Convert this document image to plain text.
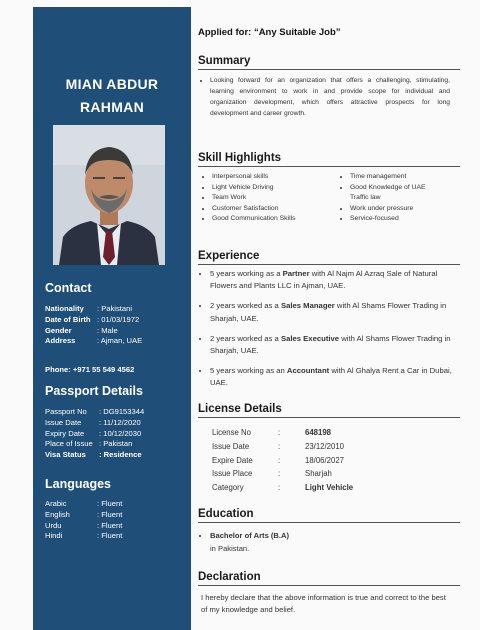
MIAN ABDUR
RAHMAN
Contact
Nationality	: Pakistani
Date of Birth : 01/03/1972
Gender	: Male
Address	: Ajman, UAE
Phone: +971 55 549 4562
Passport Details
Passport No	: DG9153344
Issue Date	: 11/12/2020
Expiry Date	: 10/12/2030
Place of Issue : Pakistan
Visa Status	: Residence
Languages
Arabic	: Fluent
English	: Fluent
Urdu	: Fluent
Hindi	: Fluent
Applied for: “Any Suitable Job”
Summary
• Looking forward for an organization that offers a challenging, stimulating, learning environment to work in and provide scope for individual and organization development, which offers attractive prospects for long development and career growth.
Skill Highlights
• Interpersonal skills
• Light Vehicle Driving
• Team Work
• Customer Satisfaction
• Good Communication Skills
• Time management
• Good Knowledge of UAE
Traffic law
• Work under pressure
• Service-focused
Experience
• 5 years working as a Partner with Al Najm Al Azraq Sale of Natural Flowers and Plants LLC in Ajman, UAE.
• 2 years worked as a Sales Manager with Al Shams Flower Trading in Sharjah, UAE.
• 2 years worked as a Sales Executive with Al Shams Flower Trading in Sharjah, UAE.
• 5 years working as an Accountant with Al Ghalya Rent a Car in Dubai, UAE.
License Details
License No	:	648198
Issue Date	:	23/12/2010
Expire Date	:	18/06/2027
Issue Place	:	Sharjah
Category	:	Light Vehicle
Education
• Bachelor of Arts (B.A)
in Pakistan.
Declaration
I hereby declare that the above information is true and correct to the best of my knowledge and belief.
